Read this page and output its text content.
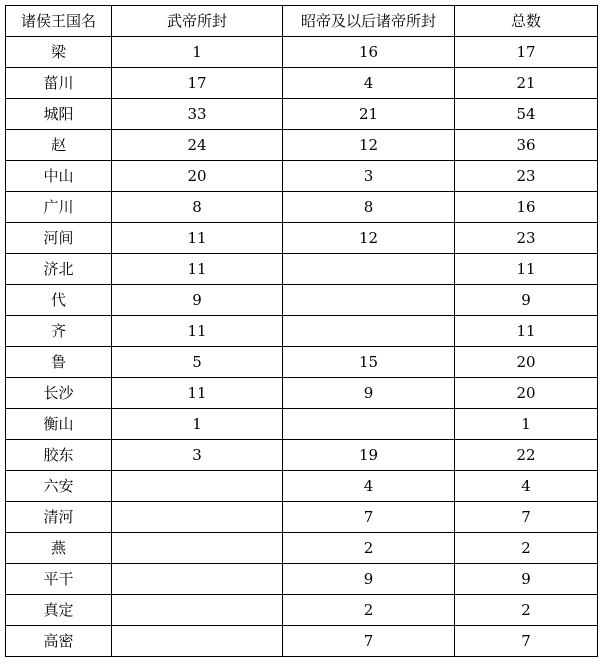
诸侯王国名	武帝所封	昭帝及以后诸帝所封	总数
梁	1	16	17
菑川	17	4	21
城阳	33	21	54
赵	24	12	36
中山	20	3	23
广川	8	8	16
河间	11	12	23
济北	11		11
代	9		9
齐	11		11
鲁	5	15	20
长沙	11	9	20
衡山	1		1
胶东	3	19	22
六安		4	4
清河		7	7
燕		2	2
平干		9	9
真定		2	2
高密		7	7
